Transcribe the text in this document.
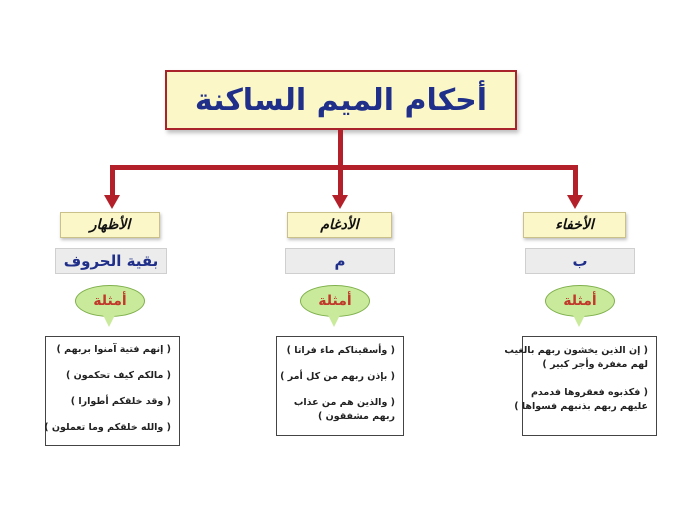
أحكام الميم الساكنة
الأظهار
بقية الحروف
أمثلة
( إنهم فتية آمنوا بربهم )
( مالكم كيف تحكمون )
( وقد خلقكم أطوارا )
( والله خلقكم وما تعملون )
الأدغام
م
أمثلة
( وأسقيناكم ماء فراتا )
( بإذن ربهم من كل أمر )
( والذين هم من عذاب
ربهم مشفقون )
الأخفاء
ب
أمثلة
( إن الذين يخشون ربهم بالغيب
لهم مغفرة وأجر كبير )
( فكذبوه فعقروها فدمدم
عليهم ربهم بذنبهم فسواها )
